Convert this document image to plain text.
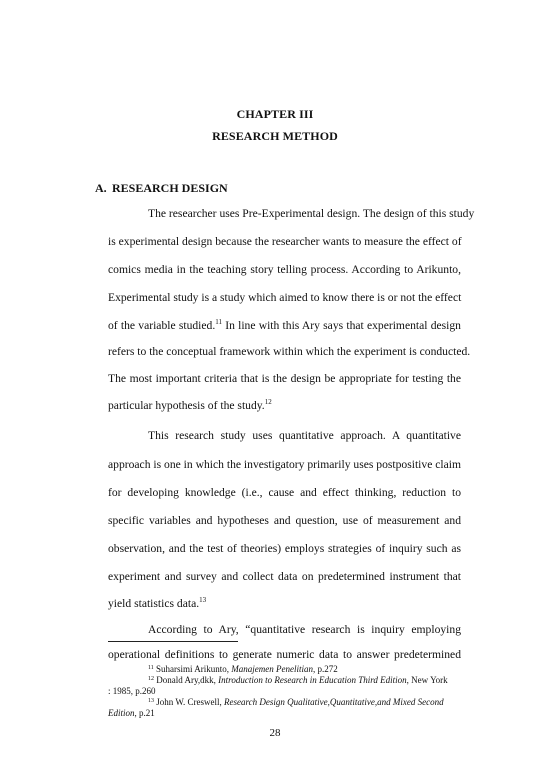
CHAPTER III
RESEARCH METHOD
A. RESEARCH DESIGN
The researcher uses Pre-Experimental design. The design of this study
is experimental design because the researcher wants to measure the effect of
comics media in the teaching story telling process. According to Arikunto,
Experimental study is a study which aimed to know there is or not the effect
of the variable studied.$^{11}$ In line with this Ary says that experimental design
refers to the conceptual framework within which the experiment is conducted.
The most important criteria that is the design be appropriate for testing the
particular hypothesis of the study.$^{12}$
This research study uses quantitative approach. A quantitative
approach is one in which the investigatory primarily uses postpositive claim
for developing knowledge (i.e., cause and effect thinking, reduction to
specific variables and hypotheses and question, use of measurement and
observation, and the test of theories) employs strategies of inquiry such as
experiment and survey and collect data on predetermined instrument that
yield statistics data.$^{13}$
According to Ary, “quantitative research is inquiry employing
operational definitions to generate numeric data to answer predetermined
$^{11}$ Suharsimi Arikunto, Manajemen Penelitian, p.272
$^{12}$ Donald Ary,dkk, Introduction to Research in Education Third Edition, New York
: 1985, p.260
$^{13}$ John W. Creswell, Research Design Qualitative,Quantitative,and Mixed Second
Edition, p.21
28
